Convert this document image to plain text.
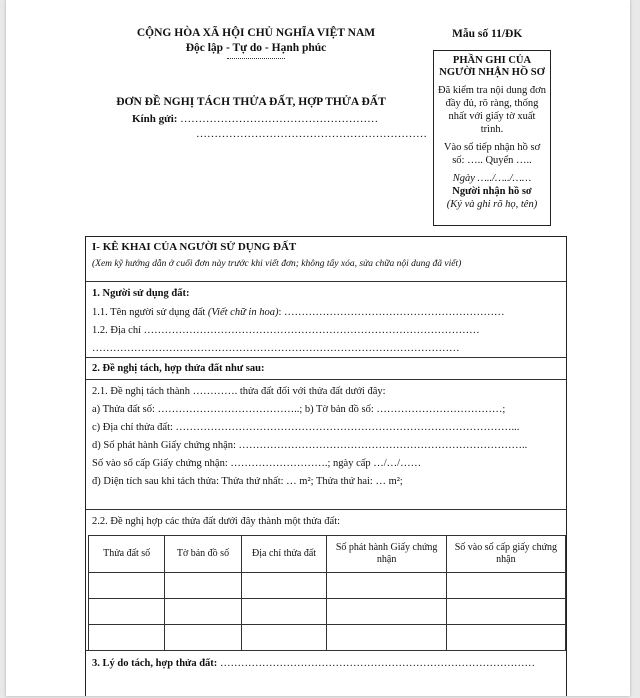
CỘNG HÒA XÃ HỘI CHỦ NGHĨA VIỆT NAM
Độc lập - Tự do - Hạnh phúc
Mẫu số 11/ĐK

PHẦN GHI CỦA NGƯỜI NHẬN HỒ SƠ

Đã kiểm tra nội dung đơn đầy đủ, rõ ràng, thống nhất với giấy tờ xuất trình.

Vào sổ tiếp nhận hồ sơ số: ….. Quyển …..

Ngày …../…../……

Người nhận hồ sơ

(Ký và ghi rõ họ, tên)

ĐƠN ĐỀ NGHỊ TÁCH THỬA ĐẤT, HỢP THỬA ĐẤT
Kính gửi: ………………………………………………
………………………………………………………
I- KÊ KHAI CỦA NGƯỜI SỬ DỤNG ĐẤT
(Xem kỹ hướng dẫn ở cuối đơn này trước khi viết đơn; không tẩy xóa, sửa chữa nội dung đã viết)
1. Người sử dụng đất:
1.1. Tên người sử dụng đất (Viết chữ in hoa): ………………………………………………………
1.2. Địa chỉ ……………………………………………………………………………………
……………………………………………………………………………………………
2. Đề nghị tách, hợp thửa đất như sau:
2.1. Đề nghị tách thành …………. thửa đất đối với thửa đất dưới đây:
a) Thửa đất số: …………………………………..; b) Tờ bản đồ số: ………………………………;
c) Địa chỉ thửa đất: ……………………………………………………………………………………...
d) Số phát hành Giấy chứng nhận: ………………………………………………………………………..
Số vào sổ cấp Giấy chứng nhận: ……………………….; ngày cấp …/…/……
đ) Diện tích sau khi tách thửa: Thửa thứ nhất: … m²; Thửa thứ hai: … m²;
2.2. Đề nghị hợp các thửa đất dưới đây thành một thửa đất:
Thửa đất số	Tờ bản đồ số	Địa chỉ thửa đất	Số phát hành Giấy chứng nhận	Số vào sổ cấp giấy chứng nhận

3. Lý do tách, hợp thửa đất: ………………………………………………………………………………
